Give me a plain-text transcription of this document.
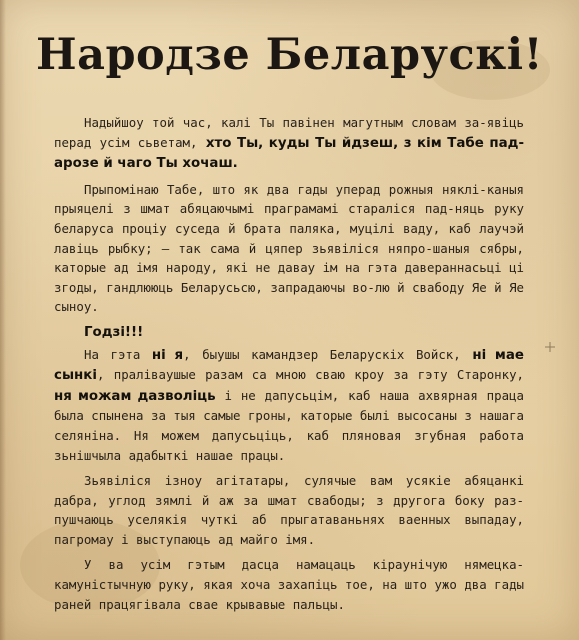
Народзе Беларускі!

Надыйшоу той час, калі Ты павінен магутным словам за-явіць перад усім сьветам, хто Ты, куды Ты йдзеш, з кім Табе падарозе й чаго Ты хочаш.

Прыпомінаю Табе, што як два гады уперад рожныя няклі-каныя прыяцелі з шмат абяцаючымі праграмамі стараліся пад-няць руку беларуса процiу суседа й брата паляка, муцілі ваду, каб лаучэй лавіць рыбку; — так сама й цяпер зьявіліся няпро-шаныя сябры, каторые ад імя народу, які не давау ім на гэта давераннасьці ці згоды, гандлююць Беларусьсю, запрадаючы во-лю й свабоду Яе й Яе сыноу.

Годзі!!!

На гэта ні я, быушы камандзер Беларускіх Войск, ні мае сынкі, праліваушые разам са мною сваю кроу за гэту Старонку, ня можам дазволіць і не дапусьцім, каб наша ахвярная праца была спынена за тыя самые гроны, каторые былі высосаны з нашага селяніна. Ня можем дапусьціць, каб пляновая згубная работа зьнішчыла адабыткі нашае працы.

Зьявіліся ізноу агітатары, сулячые вам усякіе абяцанкі дабра, углод зямлі й аж за шмат свабоды; з другога боку раз-пушчаюць уселякія чуткі аб прыгатаваньнях ваенных выпадау, пагромау і выступаюць ад майго імя.

У ва усім гэтым дасца намацаць кіраунічую нямецка-камуністычную руку, якая хоча захапіць тое, на што ужо два гады раней працягівала свае крывавые пальцы.
